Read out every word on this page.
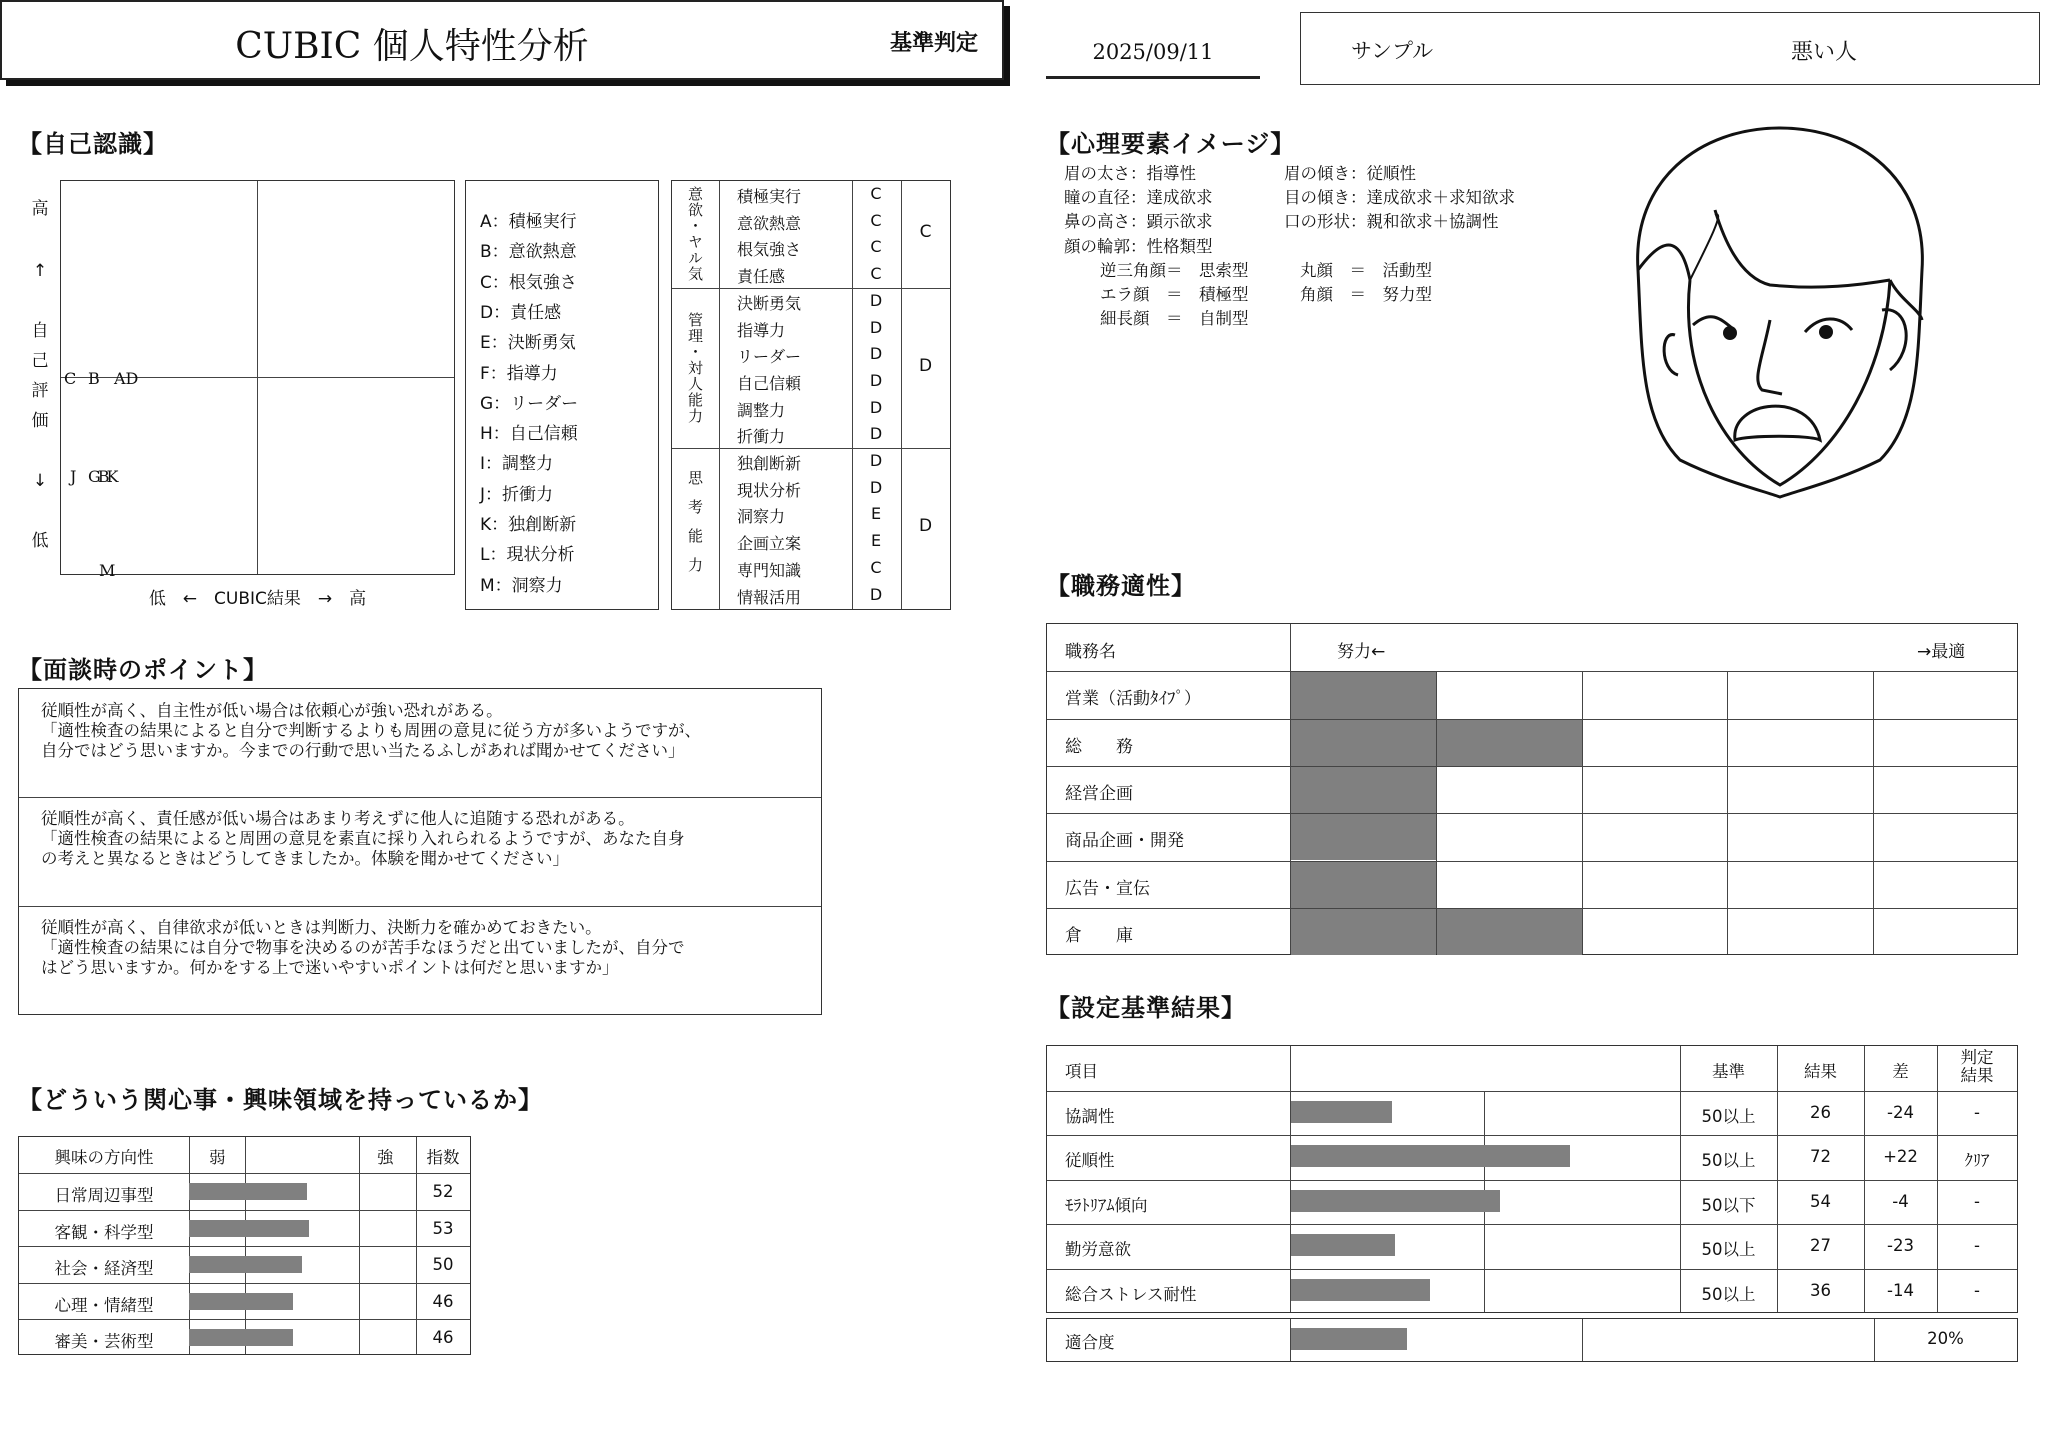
CUBIC 個人特性分析	基準判定	2025/09/11	サンプル	悪い人
【自己認識】
高
↑
自
己
評
価
↓
低
C B AD
J GBK
M
低　←　CUBIC結果　→　高
A：積極実行
B：意欲熱意
C：根気強さ
D：責任感
E：決断勇気
F：指導力
G：リーダー
H：自己信頼
I：調整力
J：折衝力
K：独創断新
L：現状分析
M：洞察力
意欲・ヤル気	C
積極実行	C
意欲熱意	C
根気強さ	C
責任感	C
管理・対人能力	D
決断勇気	D
指導力	D
リーダー	D
自己信頼	D
調整力	D
折衝力	D
思考能力	D
独創断新	D
現状分析	D
洞察力	E
企画立案	E
専門知識	C
情報活用	D
【面談時のポイント】
従順性が高く、自主性が低い場合は依頼心が強い恐れがある。
「適性検査の結果によると自分で判断するよりも周囲の意見に従う方が多いようですが、
自分ではどう思いますか。今までの行動で思い当たるふしがあれば聞かせてください」
従順性が高く、責任感が低い場合はあまり考えずに他人に追随する恐れがある。
「適性検査の結果によると周囲の意見を素直に採り入れられるようですが、あなた自身
の考えと異なるときはどうしてきましたか。体験を聞かせてください」
従順性が高く、自律欲求が低いときは判断力、決断力を確かめておきたい。
「適性検査の結果には自分で物事を決めるのが苦手なほうだと出ていましたが、自分で
はどう思いますか。何かをする上で迷いやすいポイントは何だと思いますか」
【どういう関心事・興味領域を持っているか】
興味の方向性	弱	強	指数
日常周辺事型	52
客観・科学型	53
社会・経済型	50
心理・情緒型	46
審美・芸術型	46
【心理要素イメージ】
眉の太さ：指導性	眉の傾き：従順性
瞳の直径：達成欲求	目の傾き：達成欲求＋求知欲求
鼻の高さ：顕示欲求	口の形状：親和欲求＋協調性
顔の輪郭：性格類型
逆三角顔＝　思索型	丸顔　＝　活動型
エラ顔　＝　積極型	角顔　＝　努力型
細長顔　＝　自制型
【職務適性】
職務名	努力←	→最適
営業（活動ﾀｲﾌﾟ）
総　　務
経営企画
商品企画・開発
広告・宣伝
倉　　庫
【設定基準結果】
項目	基準	結果	差
判定
結果
協調性	50以上	26	-24	-
従順性	50以上	72	+22	ｸﾘｱ
ﾓﾗﾄﾘｱﾑ傾向	50以下	54	-4	-
勤労意欲	50以上	27	-23	-
総合ストレス耐性	50以上	36	-14	-
適合度	20%
